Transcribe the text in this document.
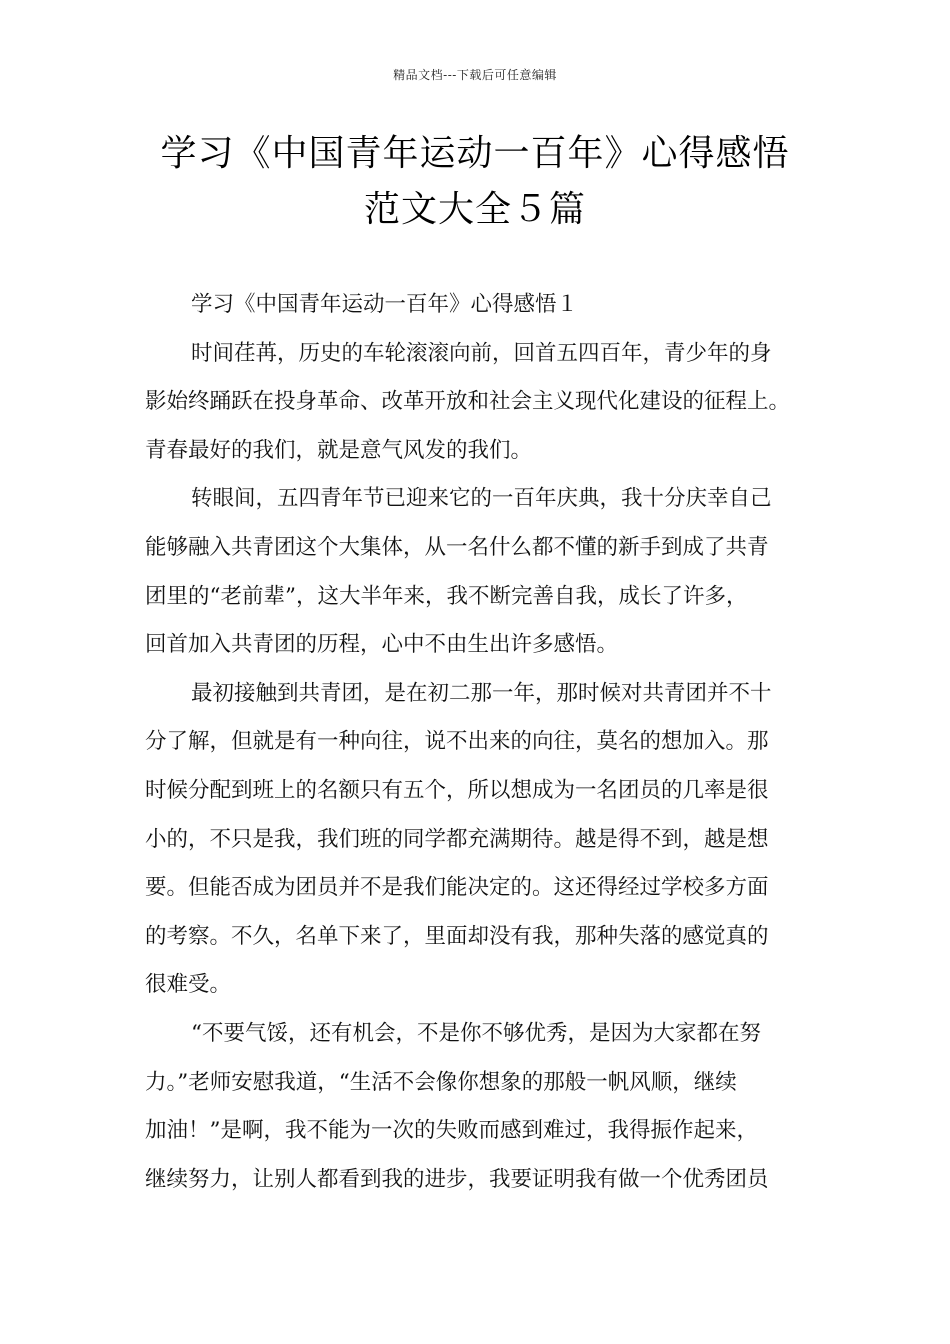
精品文档---下载后可任意编辑
学习《中国青年运动一百年》心得感悟
范文大全５篇
学习《中国青年运动一百年》心得感悟１
时间荏苒，历史的车轮滚滚向前，回首五四百年，青少年的身
影始终踊跃在投身革命、改革开放和社会主义现代化建设的征程上。
青春最好的我们，就是意气风发的我们。
转眼间，五四青年节已迎来它的一百年庆典，我十分庆幸自己
能够融入共青团这个大集体，从一名什么都不懂的新手到成了共青
团里的“老前辈”，这大半年来，我不断完善自我，成长了许多，
回首加入共青团的历程，心中不由生出许多感悟。
最初接触到共青团，是在初二那一年，那时候对共青团并不十
分了解，但就是有一种向往，说不出来的向往，莫名的想加入。那
时候分配到班上的名额只有五个，所以想成为一名团员的几率是很
小的，不只是我，我们班的同学都充满期待。越是得不到，越是想
要。但能否成为团员并不是我们能决定的。这还得经过学校多方面
的考察。不久，名单下来了，里面却没有我，那种失落的感觉真的
很难受。
“不要气馁，还有机会，不是你不够优秀，是因为大家都在努
力。”老师安慰我道，“生活不会像你想象的那般一帆风顺，继续
加油！”是啊，我不能为一次的失败而感到难过，我得振作起来，
继续努力，让别人都看到我的进步，我要证明我有做一个优秀团员
